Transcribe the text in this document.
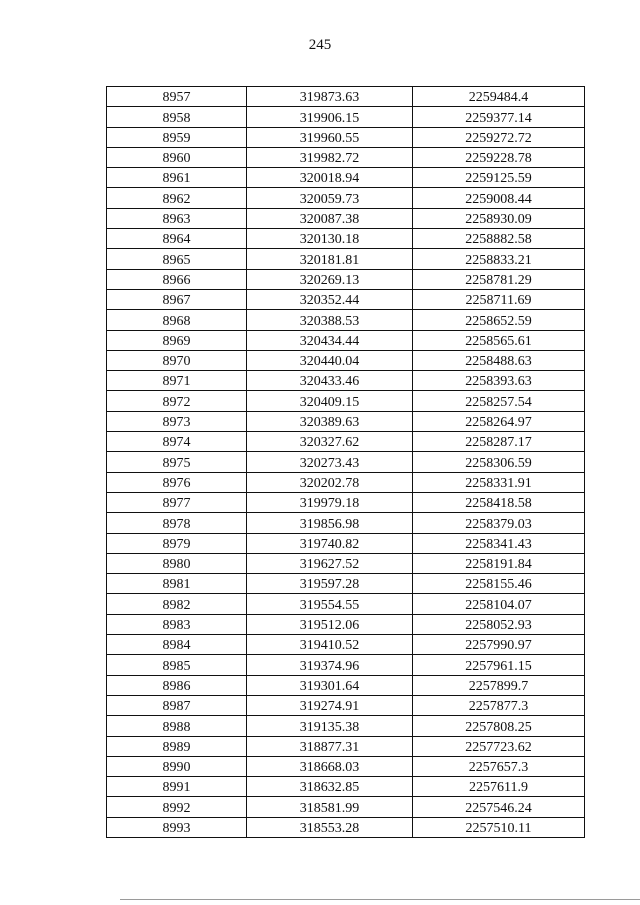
245
8957	319873.63	2259484.4
8958	319906.15	2259377.14
8959	319960.55	2259272.72
8960	319982.72	2259228.78
8961	320018.94	2259125.59
8962	320059.73	2259008.44
8963	320087.38	2258930.09
8964	320130.18	2258882.58
8965	320181.81	2258833.21
8966	320269.13	2258781.29
8967	320352.44	2258711.69
8968	320388.53	2258652.59
8969	320434.44	2258565.61
8970	320440.04	2258488.63
8971	320433.46	2258393.63
8972	320409.15	2258257.54
8973	320389.63	2258264.97
8974	320327.62	2258287.17
8975	320273.43	2258306.59
8976	320202.78	2258331.91
8977	319979.18	2258418.58
8978	319856.98	2258379.03
8979	319740.82	2258341.43
8980	319627.52	2258191.84
8981	319597.28	2258155.46
8982	319554.55	2258104.07
8983	319512.06	2258052.93
8984	319410.52	2257990.97
8985	319374.96	2257961.15
8986	319301.64	2257899.7
8987	319274.91	2257877.3
8988	319135.38	2257808.25
8989	318877.31	2257723.62
8990	318668.03	2257657.3
8991	318632.85	2257611.9
8992	318581.99	2257546.24
8993	318553.28	2257510.11
